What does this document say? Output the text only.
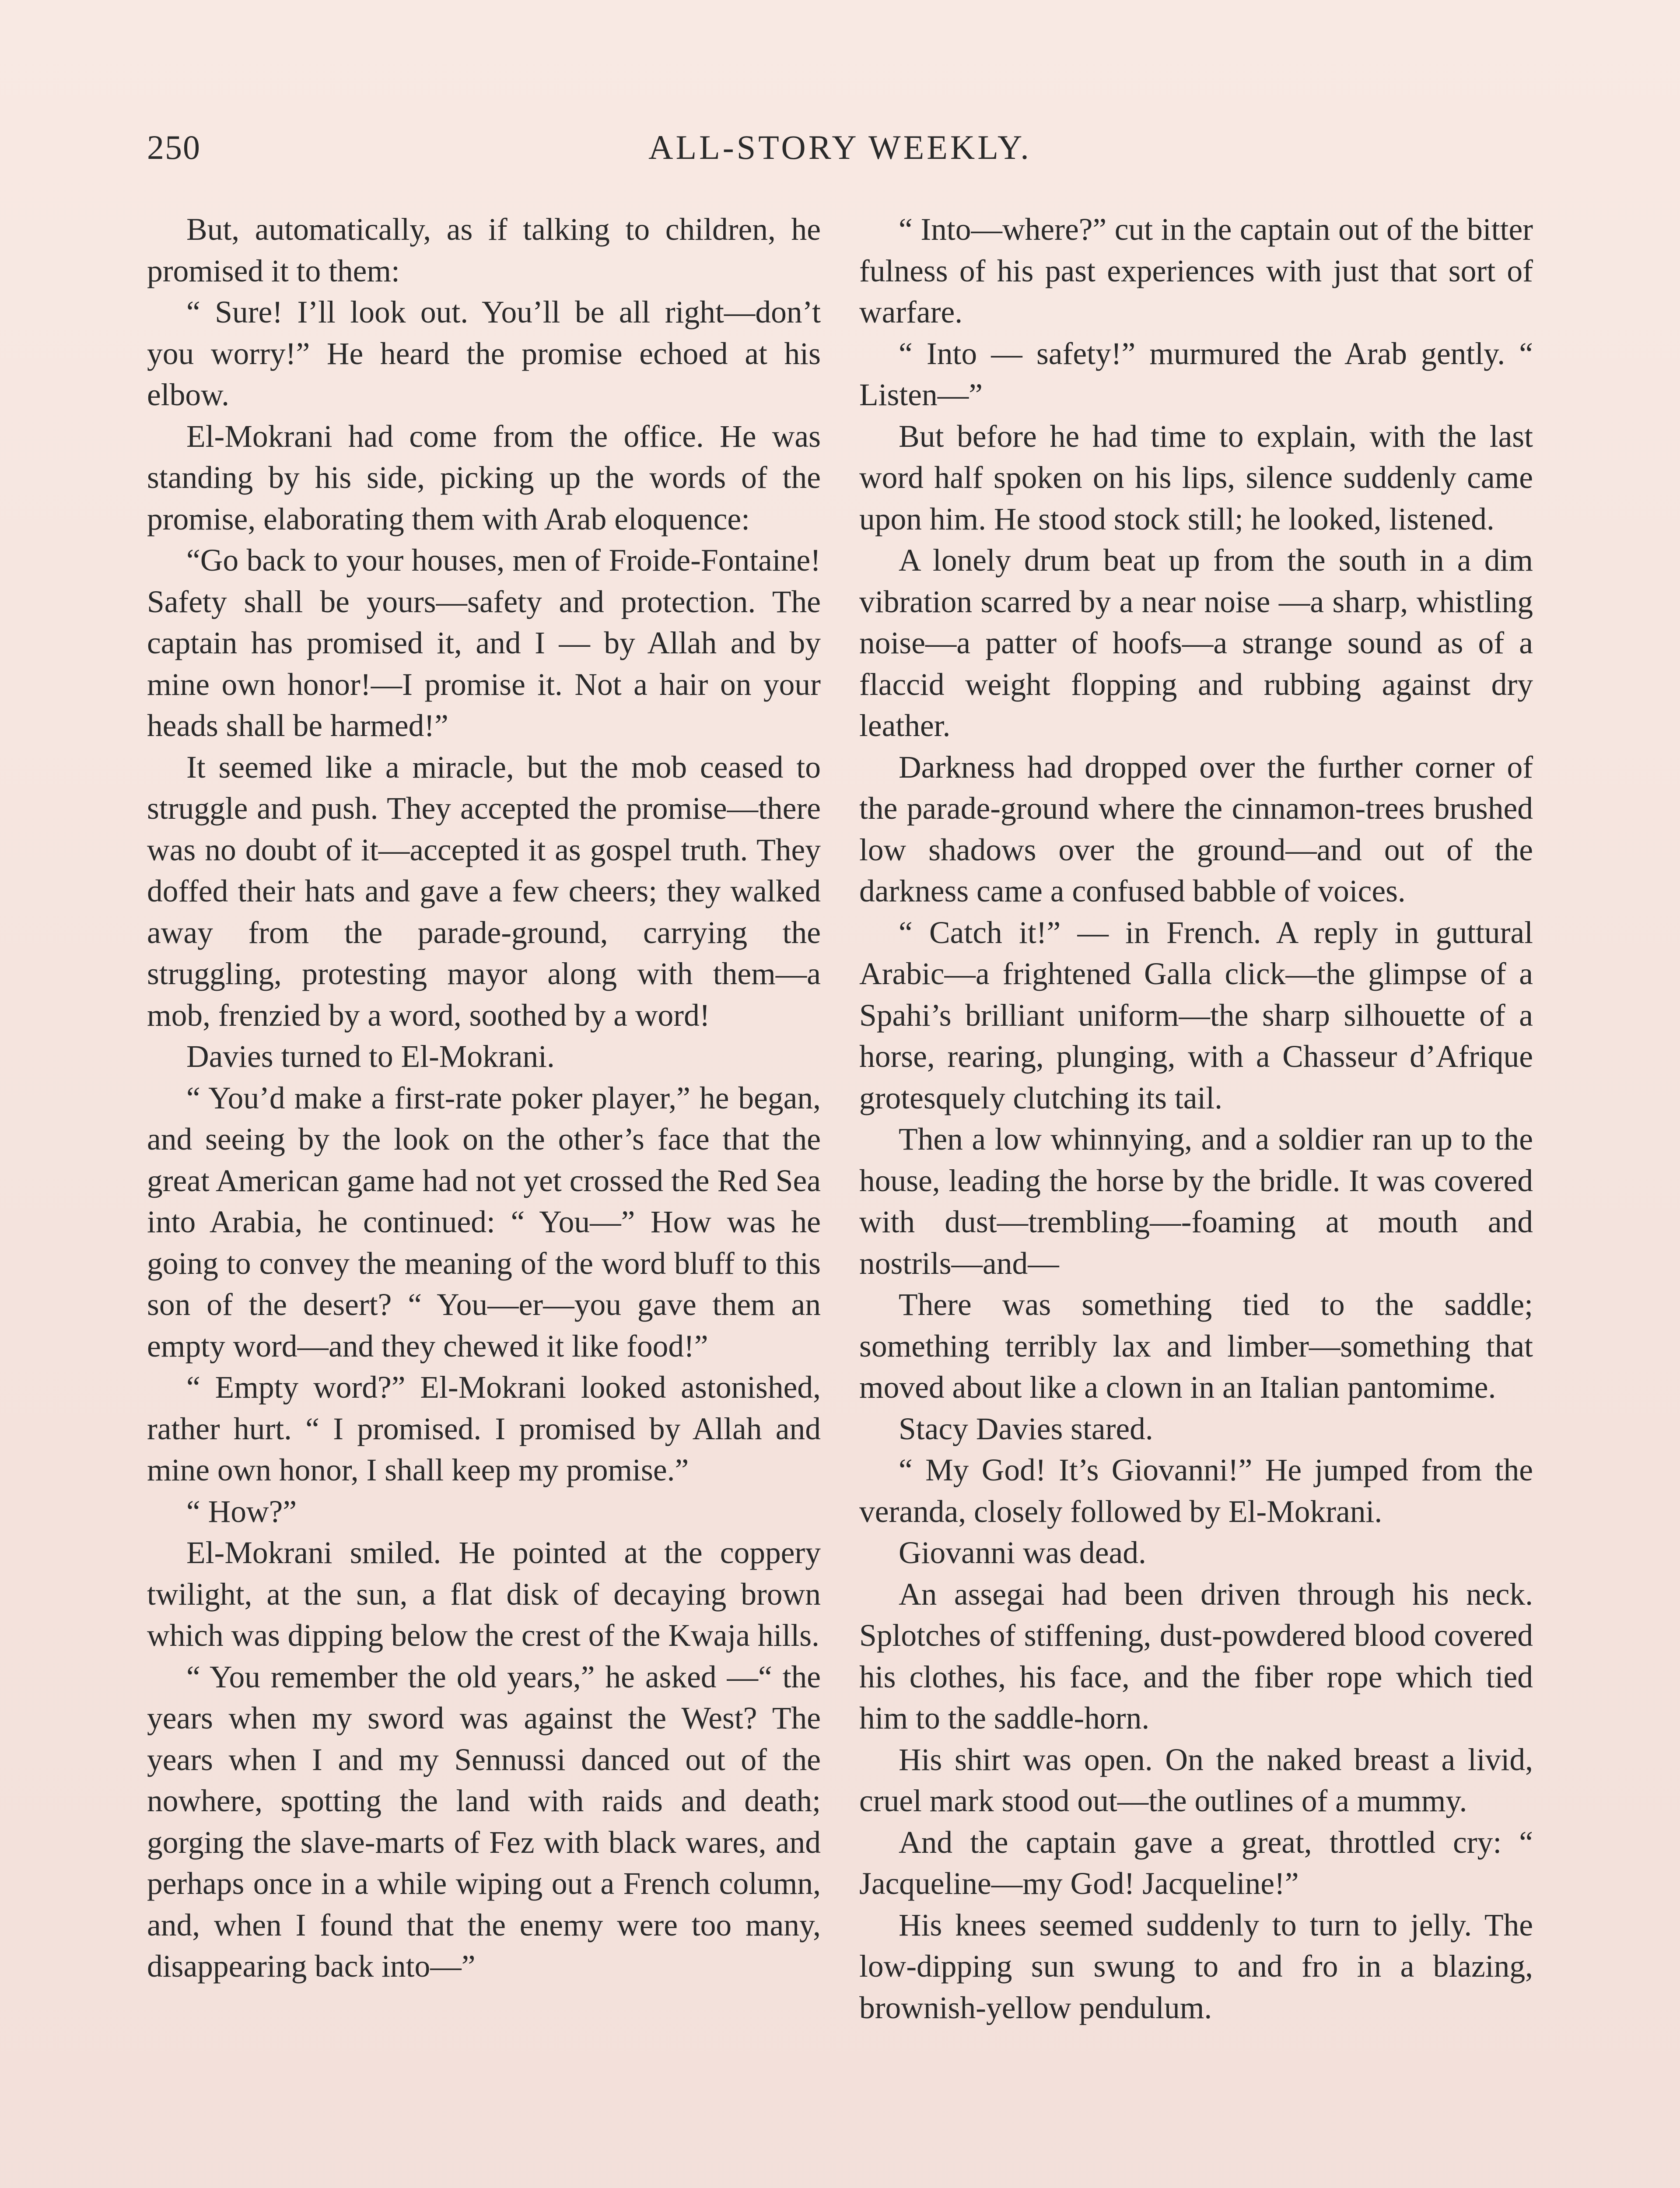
250	ALL-STORY WEEKLY.

But, automatically, as if talking to children, he promised it to them:

“ Sure! I’ll look out. You’ll be all right—don’t you worry!” He heard the promise echoed at his elbow.

El-Mokrani had come from the office. He was standing by his side, picking up the words of the promise, elaborating them with Arab eloquence:

“Go back to your houses, men of Froide-Fontaine! Safety shall be yours—safety and protection. The captain has promised it, and I — by Allah and by mine own honor!—I promise it. Not a hair on your heads shall be harmed!”

It seemed like a miracle, but the mob ceased to struggle and push. They accepted the promise—there was no doubt of it—accepted it as gospel truth. They doffed their hats and gave a few cheers; they walked away from the parade-ground, carrying the struggling, protesting mayor along with them—a mob, frenzied by a word, soothed by a word!

Davies turned to El-Mokrani.

“ You’d make a first-rate poker player,” he began, and seeing by the look on the other’s face that the great American game had not yet crossed the Red Sea into Arabia, he continued: “ You—” How was he going to convey the meaning of the word bluff to this son of the desert? “ You—er—you gave them an empty word—and they chewed it like food!”

“ Empty word?” El-Mokrani looked astonished, rather hurt. “ I promised. I promised by Allah and mine own honor, I shall keep my promise.”

“ How?”

El-Mokrani smiled. He pointed at the coppery twilight, at the sun, a flat disk of decaying brown which was dipping below the crest of the Kwaja hills.

“ You remember the old years,” he asked —“ the years when my sword was against the West? The years when I and my Sennussi danced out of the nowhere, spotting the land with raids and death; gorging the slave-marts of Fez with black wares, and perhaps once in a while wiping out a French column, and, when I found that the enemy were too many, disappearing back into—”

“ Into—where?” cut in the captain out of the bitter fulness of his past experiences with just that sort of warfare.

“ Into — safety!” murmured the Arab gently. “ Listen—”

But before he had time to explain, with the last word half spoken on his lips, silence suddenly came upon him. He stood stock still; he looked, listened.

A lonely drum beat up from the south in a dim vibration scarred by a near noise —a sharp, whistling noise—a patter of hoofs—a strange sound as of a flaccid weight flopping and rubbing against dry leather.

Darkness had dropped over the further corner of the parade-ground where the cinnamon-trees brushed low shadows over the ground—and out of the darkness came a confused babble of voices.

“ Catch it!” — in French. A reply in guttural Arabic—a frightened Galla click—the glimpse of a Spahi’s brilliant uniform—the sharp silhouette of a horse, rearing, plunging, with a Chasseur d’Afrique grotesquely clutching its tail.

Then a low whinnying, and a soldier ran up to the house, leading the horse by the bridle. It was covered with dust—trembling—-foaming at mouth and nostrils—and—

There was something tied to the saddle; something terribly lax and limber—something that moved about like a clown in an Italian pantomime.

Stacy Davies stared.

“ My God! It’s Giovanni!” He jumped from the veranda, closely followed by El-Mokrani.

Giovanni was dead.

An assegai had been driven through his neck. Splotches of stiffening, dust-powdered blood covered his clothes, his face, and the fiber rope which tied him to the saddle-horn.

His shirt was open. On the naked breast a livid, cruel mark stood out—the outlines of a mummy.

And the captain gave a great, throttled cry: “ Jacqueline—my God! Jacqueline!”

His knees seemed suddenly to turn to jelly. The low-dipping sun swung to and fro in a blazing, brownish-yellow pendulum.
